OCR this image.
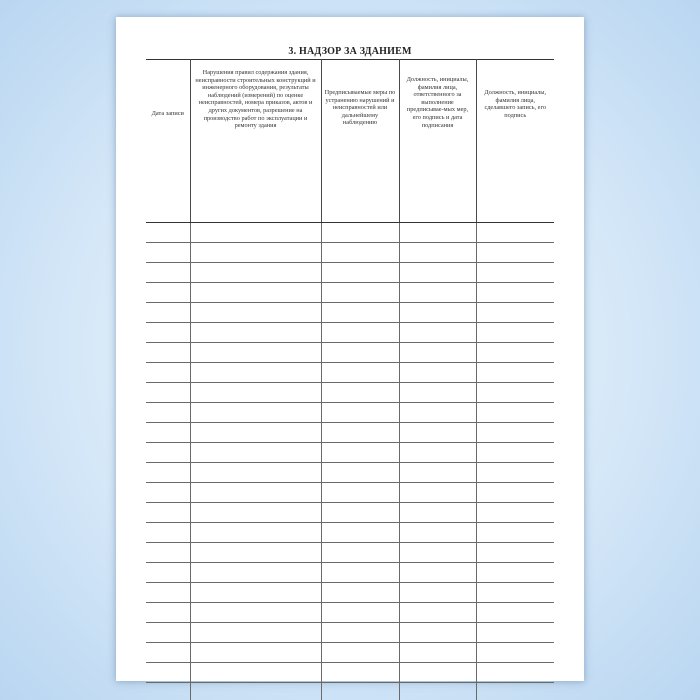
3. НАДЗОР ЗА ЗДАНИЕМ
Дата записи	Нарушения правил содержания здания, неисправности строительных конструкций и инженерного оборудования, результаты наблюдений (измерений) по оценке неисправностей, номера приказов, актов и других документов, разрешение на производство работ по эксплуатации и ремонту здания	Предписываемые меры по устранению нарушений и неисправностей или дальнейшему наблюдению	Должность, инициалы, фамилия лица, ответственного за выполнение предписывае-мых мер, его подпись и дата подписания	Должность, инициалы, фамилия лица, сделавшего запись, его подпись
